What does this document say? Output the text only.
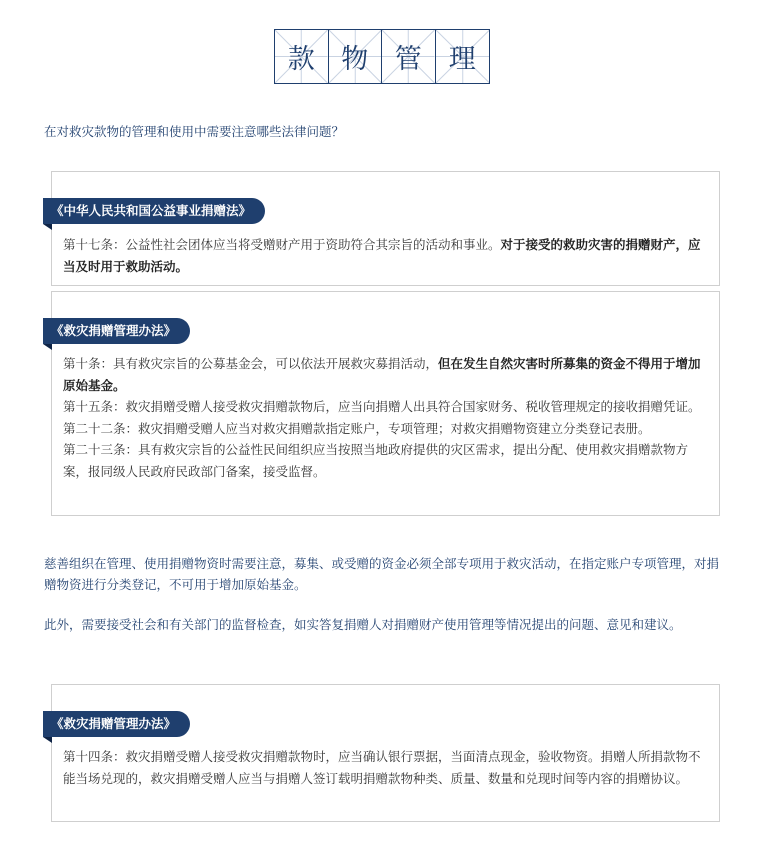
款 物 管 理
在对救灾款物的管理和使用中需要注意哪些法律问题？
《中华人民共和国公益事业捐赠法》

第十七条：公益性社会团体应当将受赠财产用于资助符合其宗旨的活动和事业。对于接受的救助灾害的捐赠财产，应当及时用于救助活动。

《救灾捐赠管理办法》

第十条：具有救灾宗旨的公募基金会，可以依法开展救灾募捐活动，但在发生自然灾害时所募集的资金不得用于增加原始基金。

第十五条：救灾捐赠受赠人接受救灾捐赠款物后，应当向捐赠人出具符合国家财务、税收管理规定的接收捐赠凭证。

第二十二条：救灾捐赠受赠人应当对救灾捐赠款指定账户，专项管理；对救灾捐赠物资建立分类登记表册。

第二十三条：具有救灾宗旨的公益性民间组织应当按照当地政府提供的灾区需求，提出分配、使用救灾捐赠款物方案，报同级人民政府民政部门备案，接受监督。

慈善组织在管理、使用捐赠物资时需要注意，募集、或受赠的资金必须全部专项用于救灾活动，在指定账户专项管理，对捐赠物资进行分类登记，不可用于增加原始基金。
此外，需要接受社会和有关部门的监督检查，如实答复捐赠人对捐赠财产使用管理等情况提出的问题、意见和建议。
《救灾捐赠管理办法》

第十四条：救灾捐赠受赠人接受救灾捐赠款物时，应当确认银行票据，当面清点现金，验收物资。捐赠人所捐款物不能当场兑现的，救灾捐赠受赠人应当与捐赠人签订载明捐赠款物种类、质量、数量和兑现时间等内容的捐赠协议。
